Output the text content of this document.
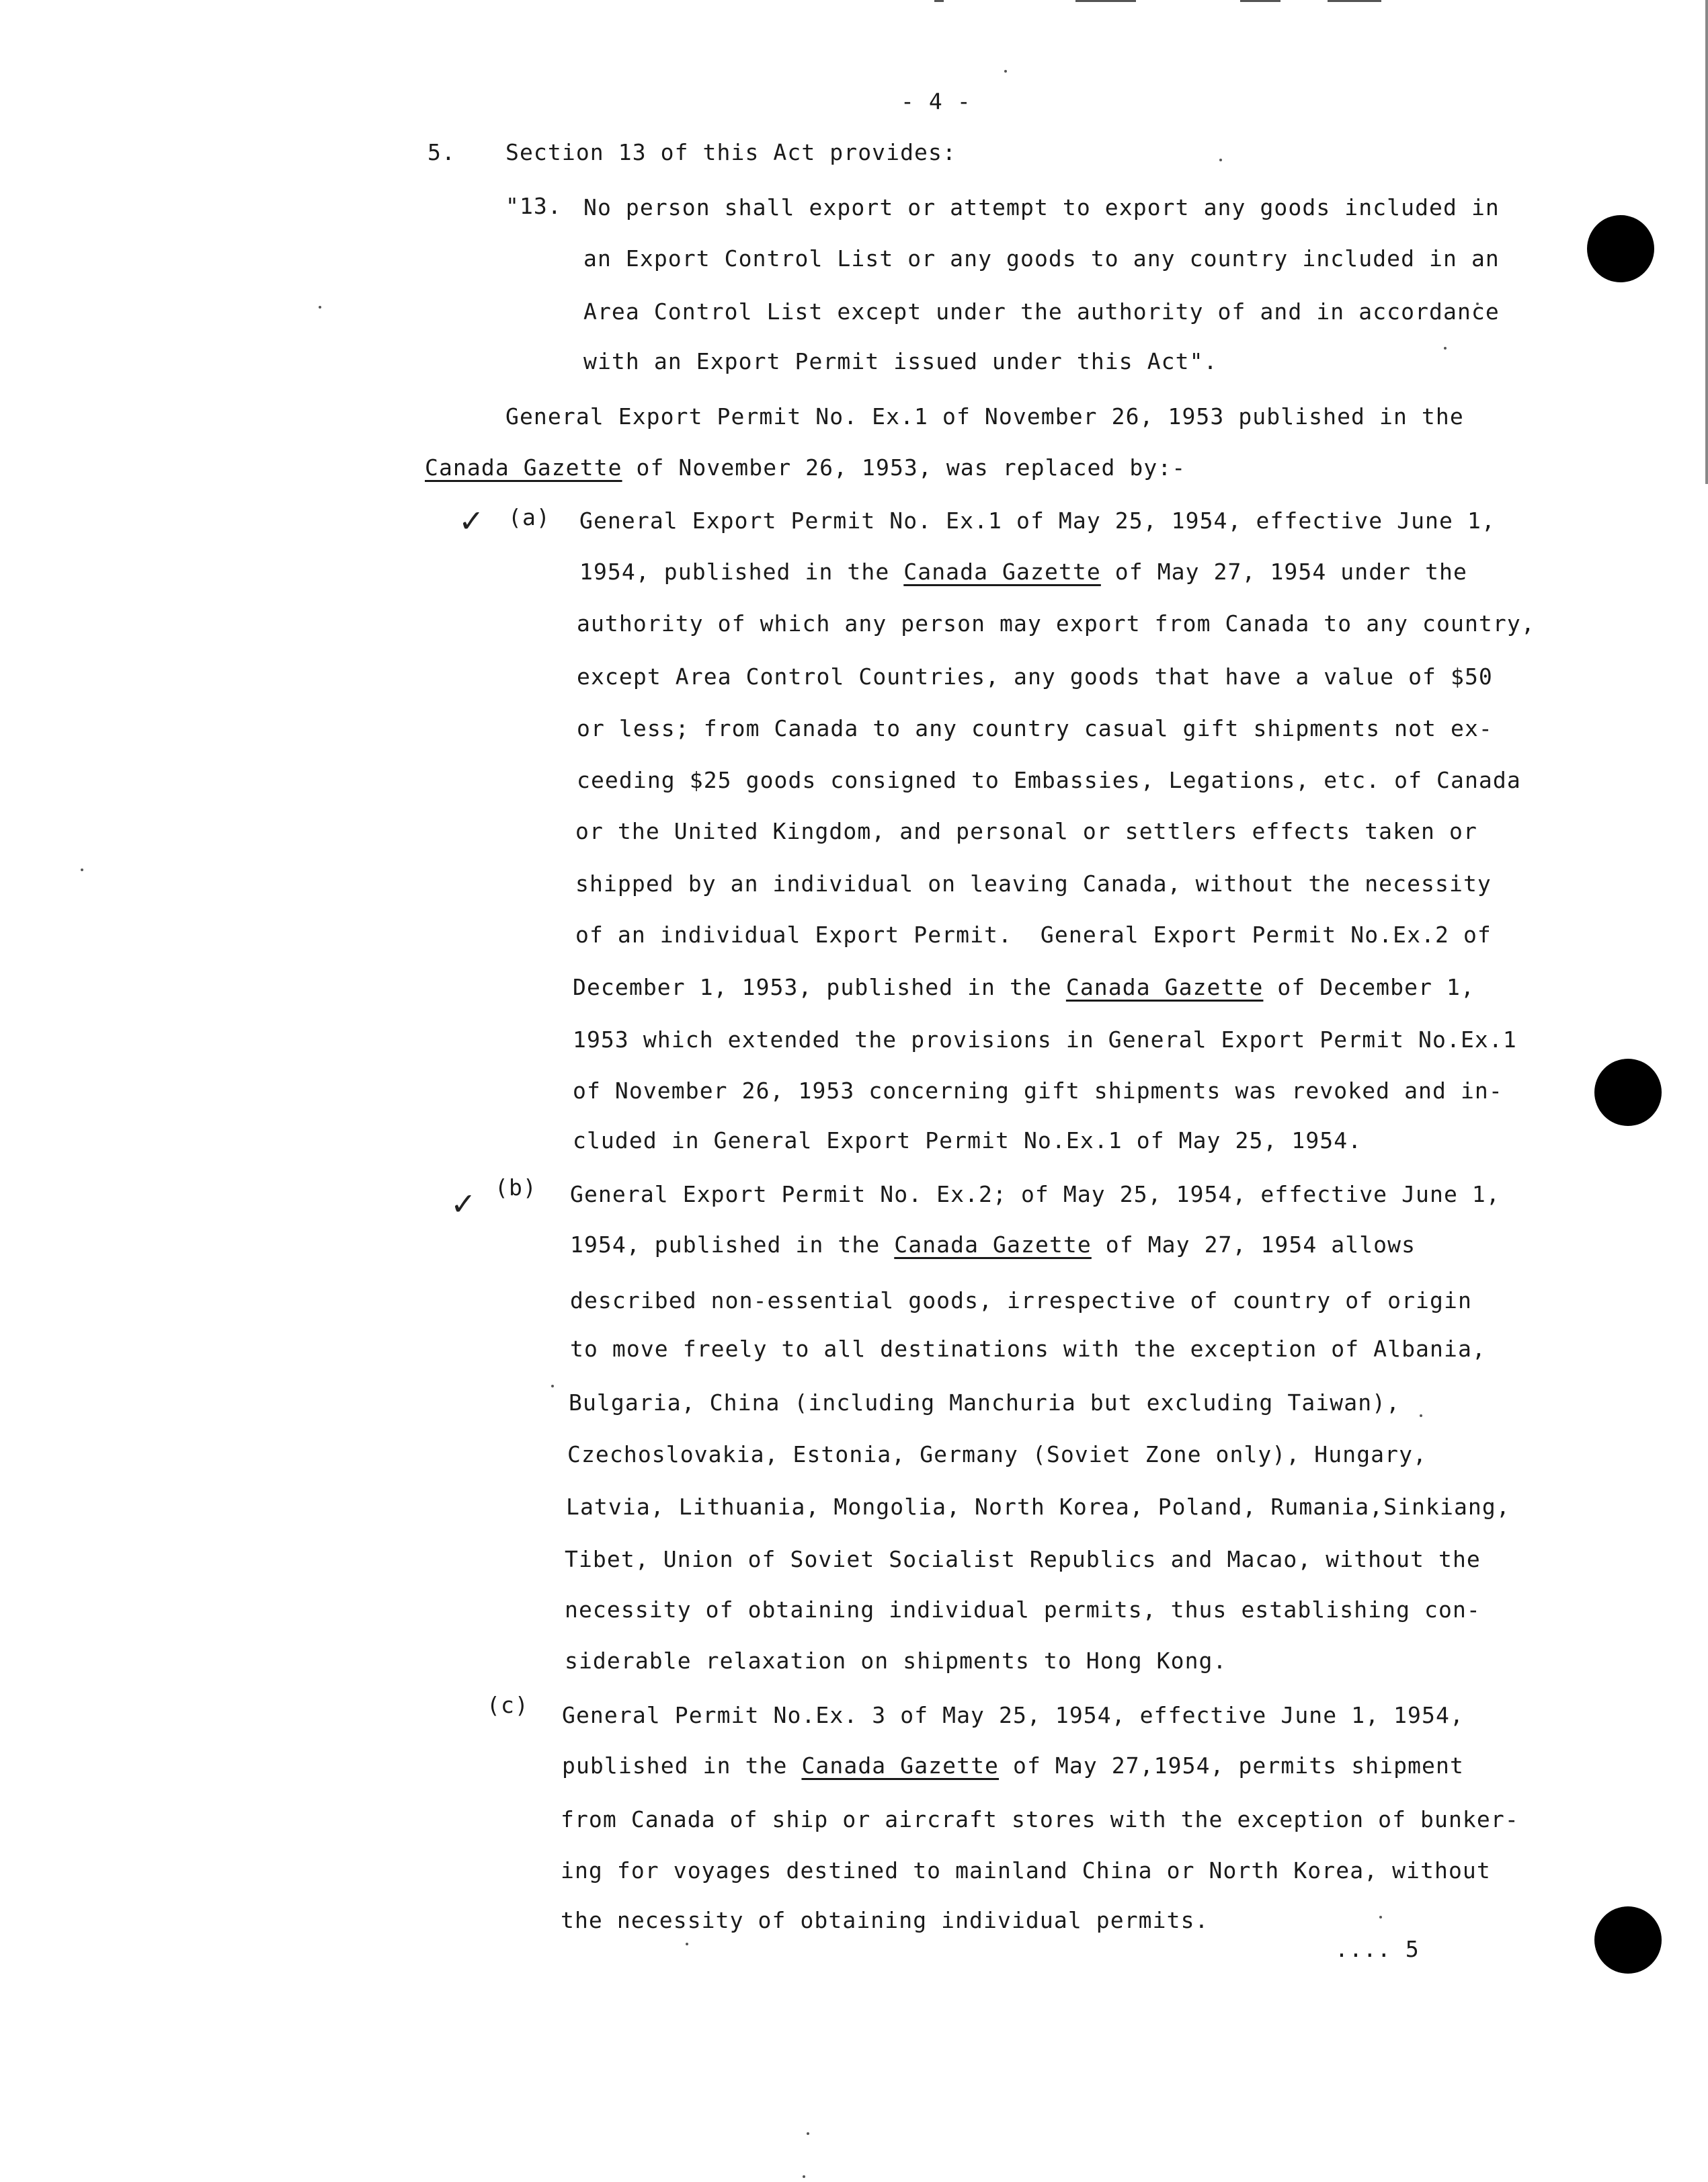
✓
✓
- 4 -
5. Section 13 of this Act provides:
"13. No person shall export or attempt to export any goods included in
an Export Control List or any goods to any country included in an
Area Control List except under the authority of and in accordance
with an Export Permit issued under this Act".
General Export Permit No. Ex.1 of November 26, 1953 published in the
Canada Gazette of November 26, 1953, was replaced by:-
(a) General Export Permit No. Ex.1 of May 25, 1954, effective June 1,
1954, published in the Canada Gazette of May 27, 1954 under the
authority of which any person may export from Canada to any country,
except Area Control Countries, any goods that have a value of $50
or less; from Canada to any country casual gift shipments not ex-
ceeding $25 goods consigned to Embassies, Legations, etc. of Canada
or the United Kingdom, and personal or settlers effects taken or
shipped by an individual on leaving Canada, without the necessity
of an individual Export Permit.  General Export Permit No.Ex.2 of
December 1, 1953, published in the Canada Gazette of December 1,
1953 which extended the provisions in General Export Permit No.Ex.1
of November 26, 1953 concerning gift shipments was revoked and in-
cluded in General Export Permit No.Ex.1 of May 25, 1954.
(b) General Export Permit No. Ex.2; of May 25, 1954, effective June 1,
1954, published in the Canada Gazette of May 27, 1954 allows
described non-essential goods, irrespective of country of origin
to move freely to all destinations with the exception of Albania,
Bulgaria, China (including Manchuria but excluding Taiwan),
Czechoslovakia, Estonia, Germany (Soviet Zone only), Hungary,
Latvia, Lithuania, Mongolia, North Korea, Poland, Rumania,Sinkiang,
Tibet, Union of Soviet Socialist Republics and Macao, without the
necessity of obtaining individual permits, thus establishing con-
siderable relaxation on shipments to Hong Kong.
(c) General Permit No.Ex. 3 of May 25, 1954, effective June 1, 1954,
published in the Canada Gazette of May 27,1954, permits shipment
from Canada of ship or aircraft stores with the exception of bunker-
ing for voyages destined to mainland China or North Korea, without
the necessity of obtaining individual permits.
.... 5
